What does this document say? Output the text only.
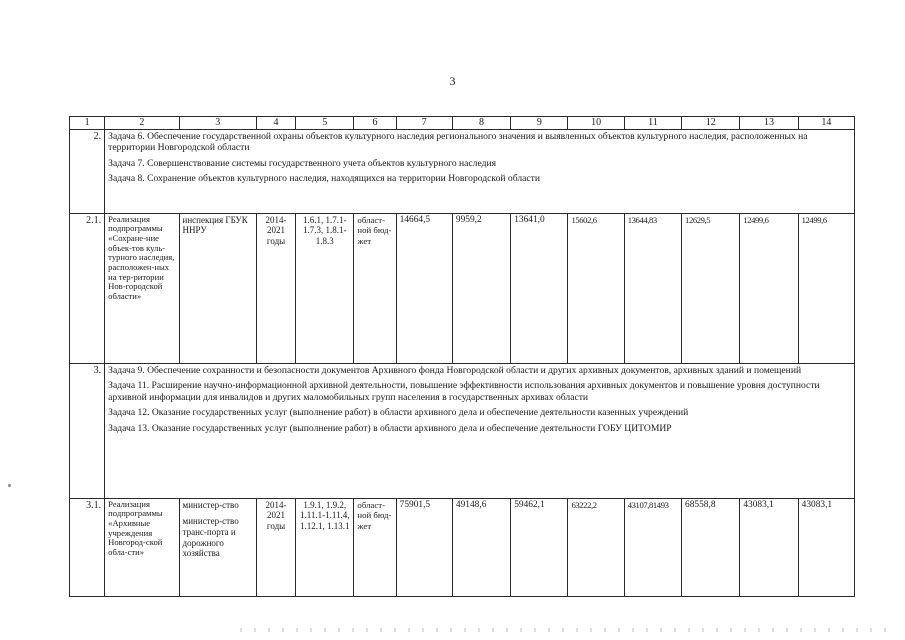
3
1	2	3	4	5	6	7	8	9	10	11	12	13	14
2.	Задача 6. Обеспечение государственной охраны объектов культурного наследия регионального значения и выявленных объектов культурного наследия, расположенных на территории Новгородской области
Задача 7. Совершенствование системы государственного учета объектов культурного наследия
Задача 8. Сохранение объектов культурного наследия, находящихся на территории Новгородской области												

2.1.	Реализация подпрограммы «Сохране-ние объек-тов куль-турного наследия, расположен-ных на тер-ритории Нов-городской области»	инспекция ГБУК ННРУ	2014-2021 годы	1.6.1, 1.7.1-1.7.3, 1.8.1- 1.8.3	област-ной бюд-жет	14664,5	9959,2	13641,0	15602,6	13644,83	12629,5	12499,6	12499,6
3.	Задача 9. Обеспечение сохранности и безопасности документов Архивного фонда Новгородской области и других архивных документов, архивных зданий и помещений
Задача 11. Расширение научно-информационной архивной деятельности, повышение эффективности использования архивных документов и повышение уровня доступности архивной информации для инвалидов и других маломобильных групп населения в государственных архивах области
Задача 12. Оказание государственных услуг (выполнение работ) в области архивного дела и обеспечение деятельности казенных учреждений
Задача 13. Оказание государственных услуг (выполнение работ) в области архивного дела и обеспечение деятельности ГОБУ ЦИТОМИР												

3.1.	Реализация подпрограммы «Архивные учреждения Новгород-ской обла-сти»	министер-ство
министер-ство транс-порта и дорожного хозяйства	2014-2021 годы	1.9.1, 1.9.2, 1.11.1-1.11.4, 1.12.1, 1.13.1	област-ной бюд-жет	75901,5	49148,6	59462,1	63222,2	43107,81493	68558,8	43083,1	43083,1
